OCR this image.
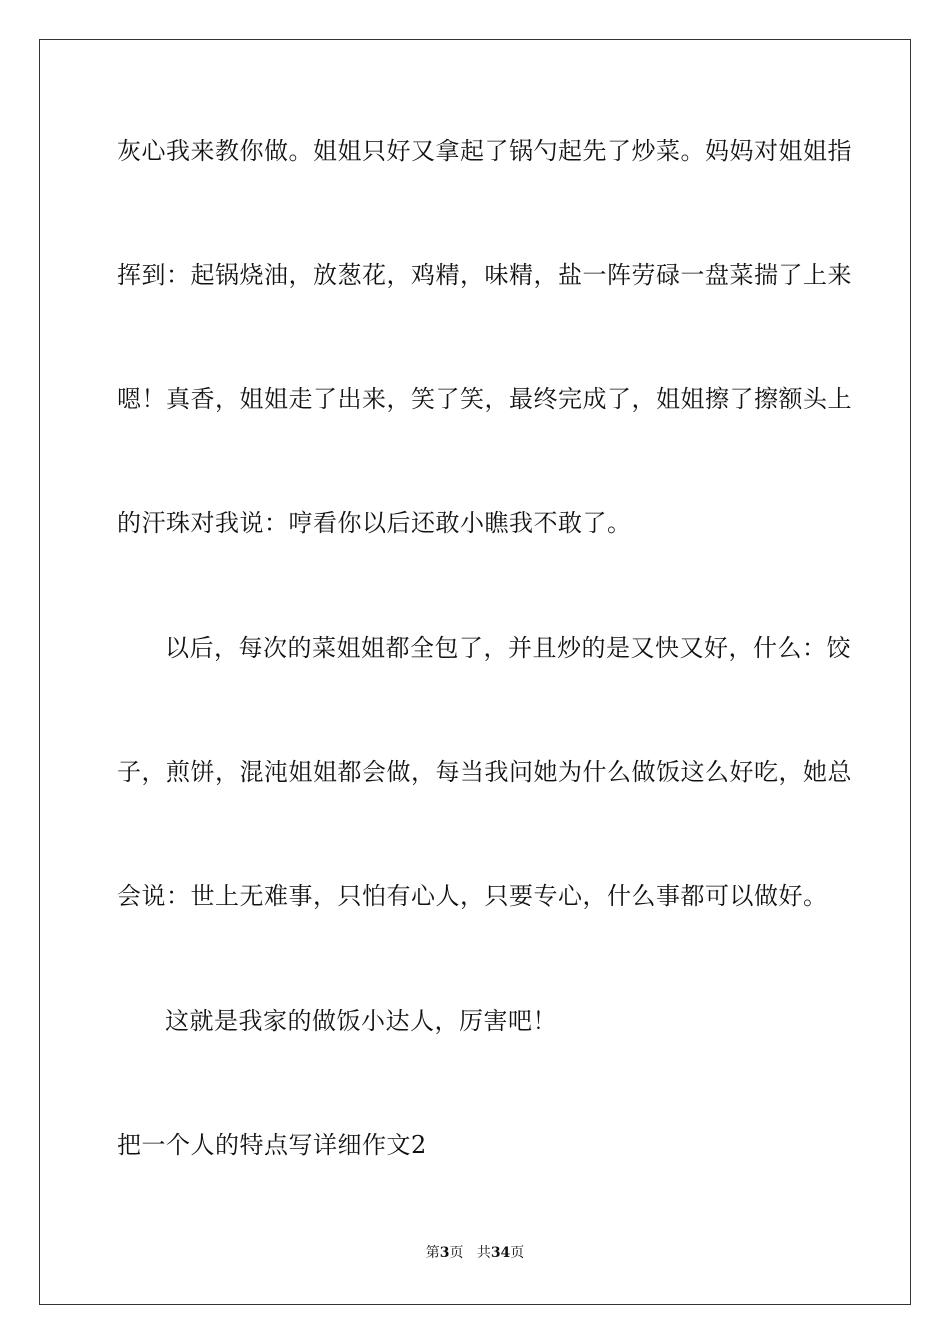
灰心我来教你做。姐姐只好又拿起了锅勺起先了炒菜。妈妈对姐姐指
挥到：起锅烧油，放葱花，鸡精，味精，盐一阵劳碌一盘菜揣了上来
嗯！真香，姐姐走了出来，笑了笑，最终完成了，姐姐擦了擦额头上
的汗珠对我说：哼看你以后还敢小瞧我不敢了。
以后，每次的菜姐姐都全包了，并且炒的是又快又好，什么：饺
子，煎饼，混沌姐姐都会做，每当我问她为什么做饭这么好吃，她总
会说：世上无难事，只怕有心人，只要专心，什么事都可以做好。
这就是我家的做饭小达人，厉害吧！
把一个人的特点写详细作文2
第3页 共34页
